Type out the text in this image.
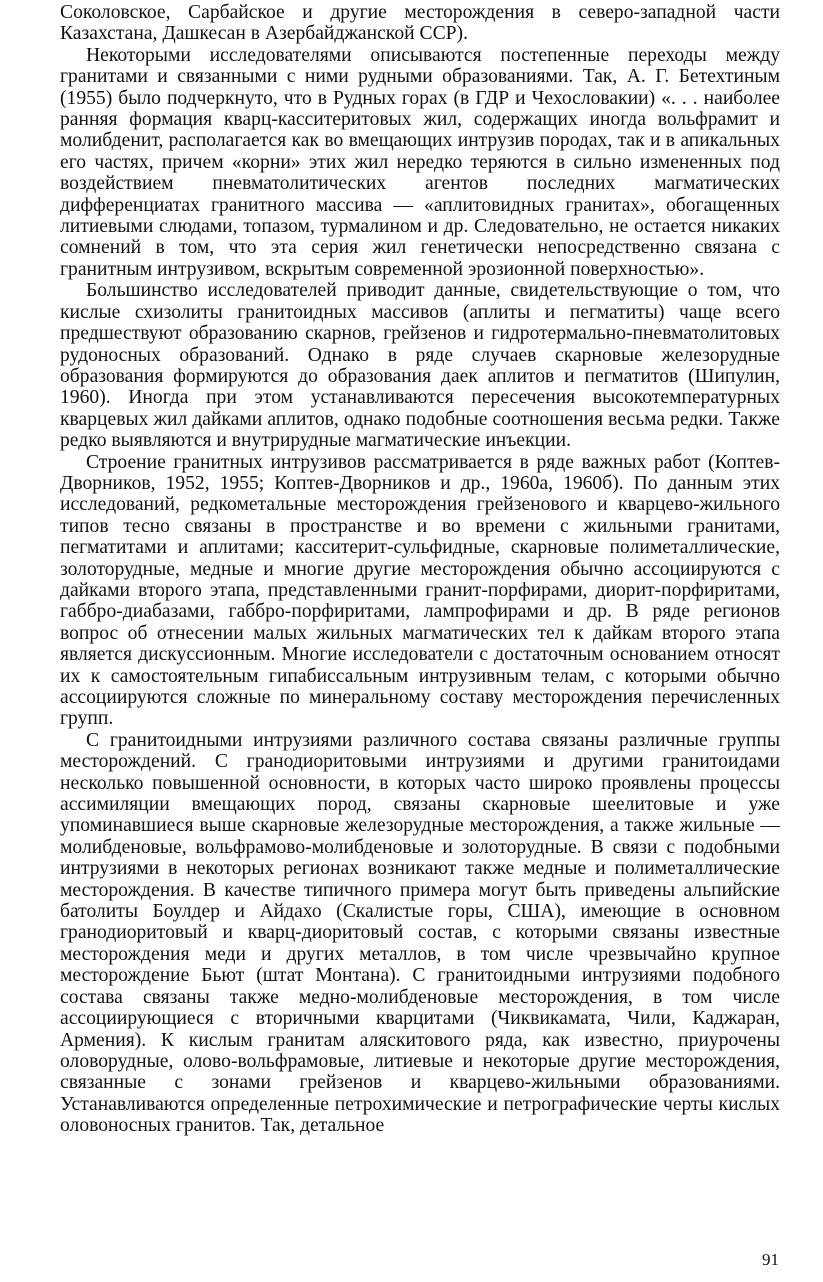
Соколовское, Сарбайское и другие месторождения в северо-западной части Казахстана, Дашкесан в Азербайджанской ССР).

Некоторыми исследователями описываются постепенные переходы между гранитами и связанными с ними рудными образованиями. Так, А. Г. Бетехтиным (1955) было подчеркнуто, что в Рудных горах (в ГДР и Чехословакии) «. . . наиболее ранняя формация кварц-касситеритовых жил, содержащих иногда вольфрамит и молибденит, располагается как во вмещающих интрузив породах, так и в апикальных его частях, причем «корни» этих жил нередко теряются в сильно измененных под воздействием пневматолитических агентов последних магматических дифференциатах гранитного массива — «аплитовидных гранитах», обогащенных литиевыми слюдами, топазом, турмалином и др. Следовательно, не остается никаких сомнений в том, что эта серия жил генетически непосредственно связана с гранитным интрузивом, вскрытым современной эрозионной поверхностью».

Большинство исследователей приводит данные, свидетельствующие о том, что кислые схизолиты гранитоидных массивов (аплиты и пегматиты) чаще всего предшествуют образованию скарнов, грейзенов и гидротермально-пневматолитовых рудоносных образований. Однако в ряде случаев скарновые железорудные образования формируются до образования даек аплитов и пегматитов (Шипулин, 1960). Иногда при этом устанавливаются пересечения высокотемпературных кварцевых жил дайками аплитов, однако подобные соотношения весьма редки. Также редко выявляются и внутрирудные магматические инъекции.

Строение гранитных интрузивов рассматривается в ряде важных работ (Коптев-Дворников, 1952, 1955; Коптев-Дворников и др., 1960а, 1960б). По данным этих исследований, редкометальные месторождения грейзенового и кварцево-жильного типов тесно связаны в пространстве и во времени с жильными гранитами, пегматитами и аплитами; касситерит-сульфидные, скарновые полиметаллические, золоторудные, медные и многие другие месторождения обычно ассоциируются с дайками второго этапа, представленными гранит-порфирами, диорит-порфиритами, габбро-диабазами, габбро-порфиритами, лампрофирами и др. В ряде регионов вопрос об отнесении малых жильных магматических тел к дайкам второго этапа является дискуссионным. Многие исследователи с достаточным основанием относят их к самостоятельным гипабиссальным интрузивным телам, с которыми обычно ассоциируются сложные по минеральному составу месторождения перечисленных групп.

С гранитоидными интрузиями различного состава связаны различные группы месторождений. С гранодиоритовыми интрузиями и другими гранитоидами несколько повышенной основности, в которых часто широко проявлены процессы ассимиляции вмещающих пород, связаны скарновые шеелитовые и уже упоминавшиеся выше скарновые железорудные месторождения, а также жильные — молибденовые, вольфрамово-молибденовые и золоторудные. В связи с подобными интрузиями в некоторых регионах возникают также медные и полиметаллические месторождения. В качестве типичного примера могут быть приведены альпийские батолиты Боулдер и Айдахо (Скалистые горы, США), имеющие в основном гранодиоритовый и кварц-диоритовый состав, с которыми связаны известные месторождения меди и других металлов, в том числе чрезвычайно крупное месторождение Бьют (штат Монтана). С гранитоидными интрузиями подобного состава связаны также медно-молибденовые месторождения, в том числе ассоциирующиеся с вторичными кварцитами (Чиквикамата, Чили, Каджаран, Армения). К кислым гранитам аляскитового ряда, как известно, приурочены оловорудные, олово-вольфрамовые, литиевые и некоторые другие месторождения, связанные с зонами грейзенов и кварцево-жильными образованиями. Устанавливаются определенные петрохимические и петрографические черты кислых оловоносных гранитов. Так, детальное

91
